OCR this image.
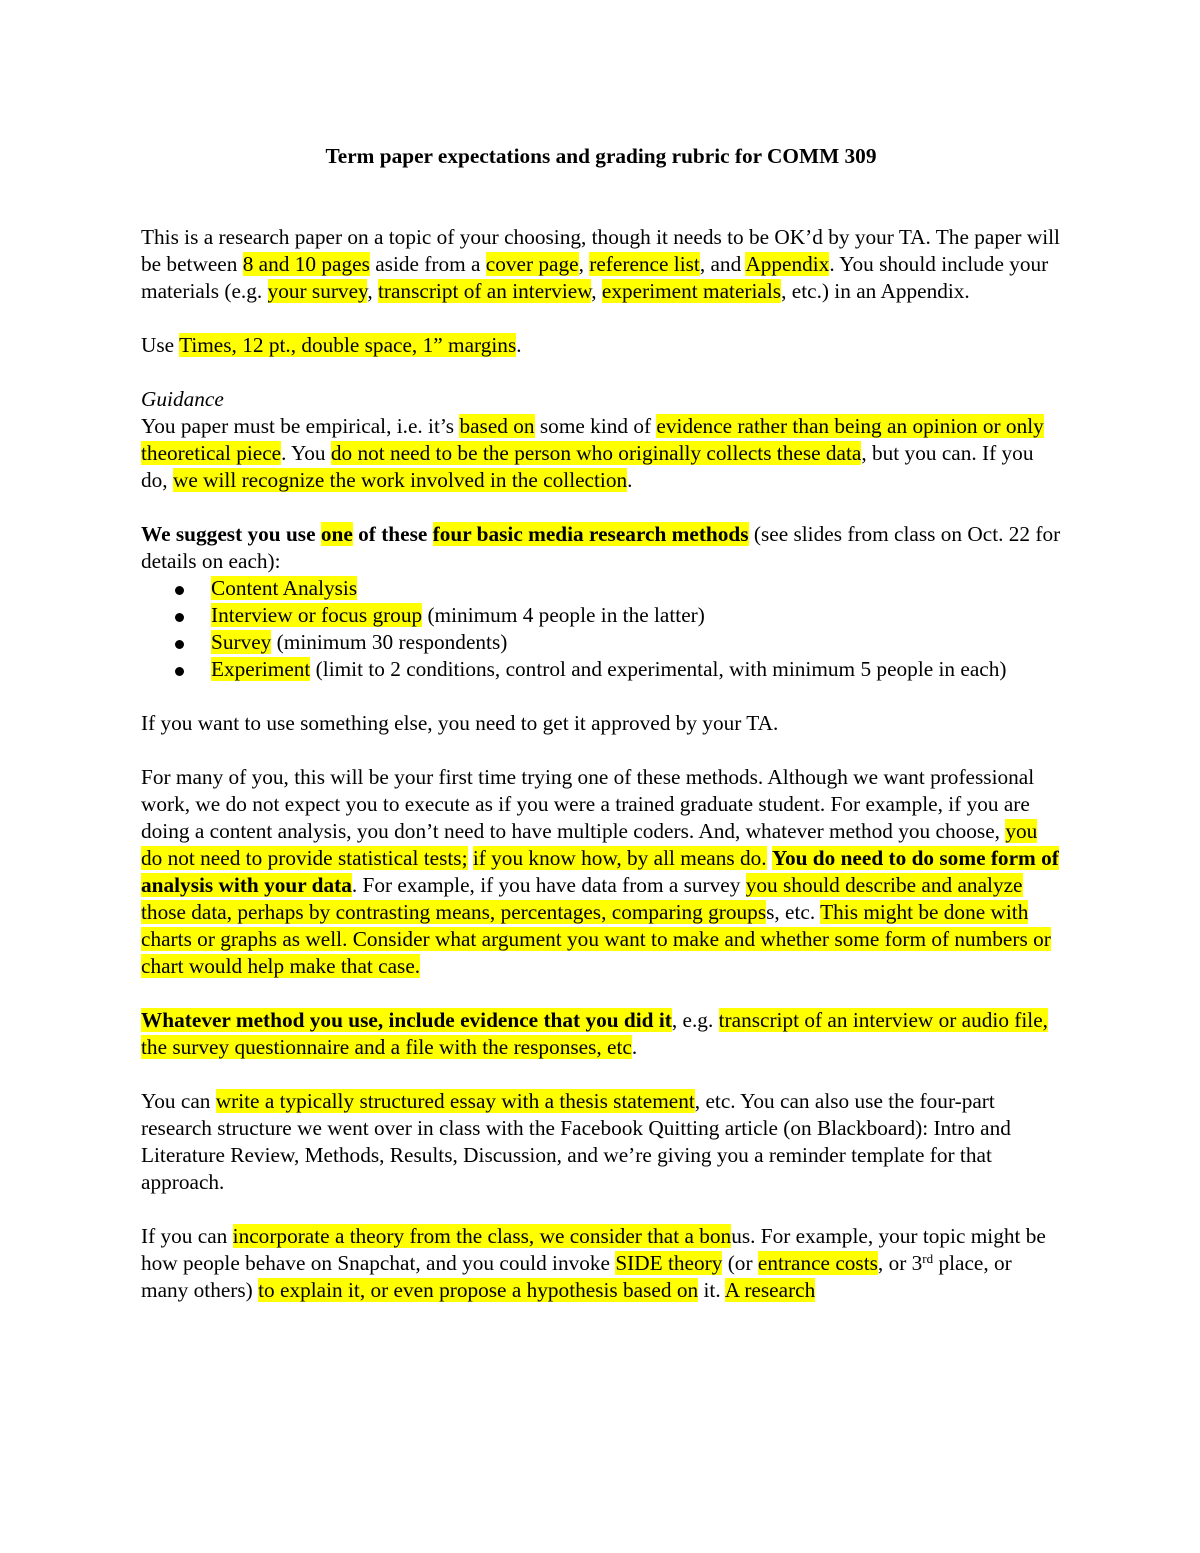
Term paper expectations and grading rubric for COMM 309

This is a research paper on a topic of your choosing, though it needs to be OK’d by your TA. The paper will be between 8 and 10 pages aside from a cover page, reference list, and Appendix. You should include your materials (e.g. your survey, transcript of an interview, experiment materials, etc.) in an Appendix.

Use Times, 12 pt., double space, 1” margins.

Guidance
You paper must be empirical, i.e. it’s based on some kind of evidence rather than being an opinion or only theoretical piece. You do not need to be the person who originally collects these data, but you can. If you do, we will recognize the work involved in the collection.

We suggest you use one of these four basic media research methods (see slides from class on Oct. 22 for details on each):

Content Analysis
Interview or focus group (minimum 4 people in the latter)
Survey (minimum 30 respondents)
Experiment (limit to 2 conditions, control and experimental, with minimum 5 people in each)

If you want to use something else, you need to get it approved by your TA.

For many of you, this will be your first time trying one of these methods. Although we want professional work, we do not expect you to execute as if you were a trained graduate student. For example, if you are doing a content analysis, you don’t need to have multiple coders. And, whatever method you choose, you do not need to provide statistical tests; if you know how, by all means do. You do need to do some form of analysis with your data. For example, if you have data from a survey you should describe and analyze those data, perhaps by contrasting means, percentages, comparing groupss, etc. This might be done with charts or graphs as well. Consider what argument you want to make and whether some form of numbers or chart would help make that case.

Whatever method you use, include evidence that you did it, e.g. transcript of an interview or audio file, the survey questionnaire and a file with the responses, etc.

You can write a typically structured essay with a thesis statement, etc. You can also use the four-part research structure we went over in class with the Facebook Quitting article (on Blackboard): Intro and Literature Review, Methods, Results, Discussion, and we’re giving you a reminder template for that approach.

If you can incorporate a theory from the class, we consider that a bonus. For example, your topic might be how people behave on Snapchat, and you could invoke SIDE theory (or entrance costs, or 3rd place, or many others) to explain it, or even propose a hypothesis based on it. A research
